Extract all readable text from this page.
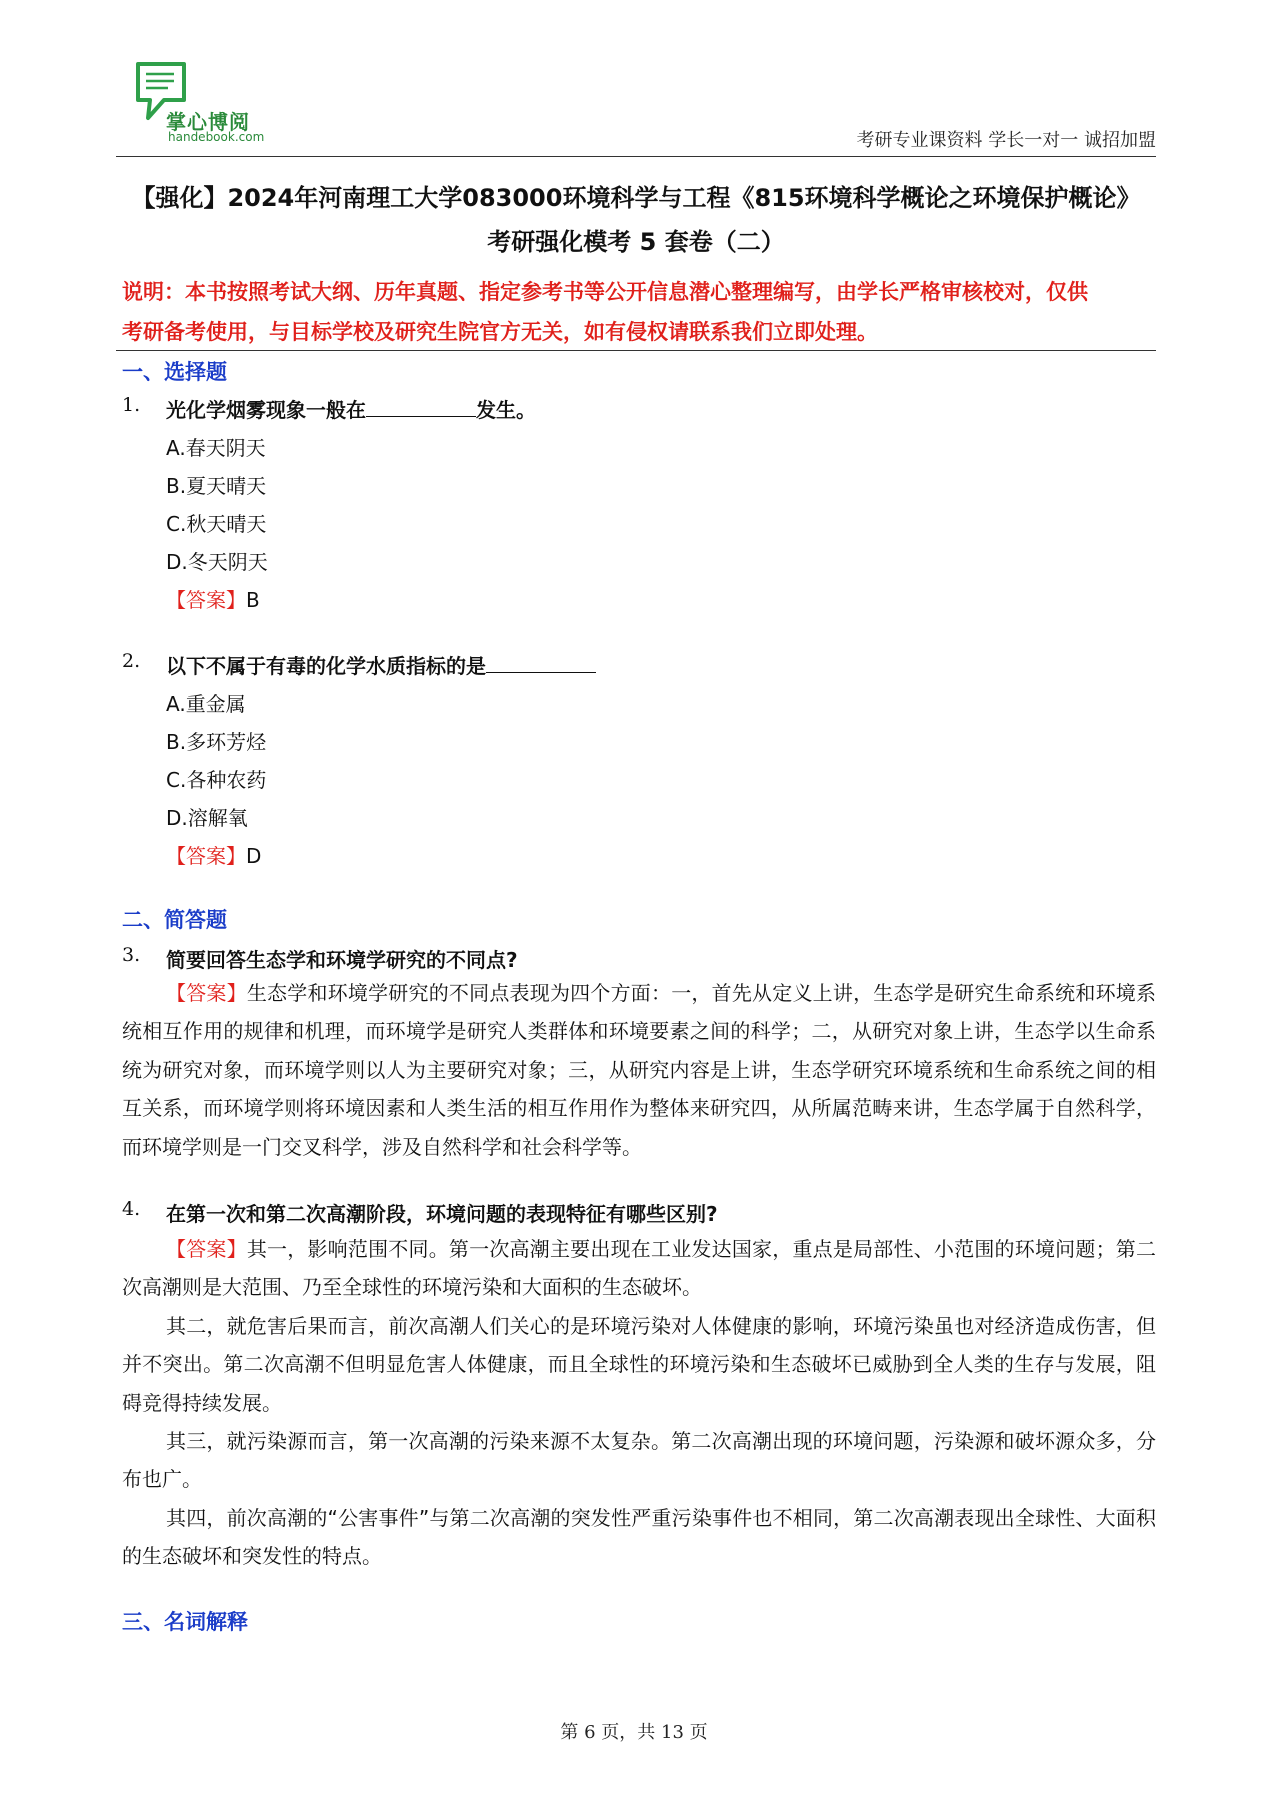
掌心博阅
handebook.com	考研专业课资料 学长一对一 诚招加盟
【强化】2024年河南理工大学083000环境科学与工程《815环境科学概论之环境保护概论》
考研强化模考 5 套卷（二）
说明：本书按照考试大纲、历年真题、指定参考书等公开信息潜心整理编写，由学长严格审核校对，仅供
考研备考使用，与目标学校及研究生院官方无关，如有侵权请联系我们立即处理。
一、选择题
1. 光化学烟雾现象一般在	发生。
A.春天阴天
B.夏天晴天
C.秋天晴天
D.冬天阴天
【答案】B
2. 以下不属于有毒的化学水质指标的是
A.重金属
B.多环芳烃
C.各种农药
D.溶解氧
【答案】D
二、简答题
3. 简要回答生态学和环境学研究的不同点?
【答案】生态学和环境学研究的不同点表现为四个方面：一，首先从定义上讲，生态学是研究生命系统和环境系统相互作用的规律和机理，而环境学是研究人类群体和环境要素之间的科学；二，从研究对象上讲，生态学以生命系统为研究对象，而环境学则以人为主要研究对象；三，从研究内容是上讲，生态学研究环境系统和生命系统之间的相互关系，而环境学则将环境因素和人类生活的相互作用作为整体来研究四，从所属范畴来讲，生态学属于自然科学，而环境学则是一门交叉科学，涉及自然科学和社会科学等。
4. 在第一次和第二次高潮阶段，环境问题的表现特征有哪些区别?
【答案】其一，影响范围不同。第一次高潮主要出现在工业发达国家，重点是局部性、小范围的环境问题；第二次高潮则是大范围、乃至全球性的环境污染和大面积的生态破坏。
其二，就危害后果而言，前次高潮人们关心的是环境污染对人体健康的影响，环境污染虽也对经济造成伤害，但并不突出。第二次高潮不但明显危害人体健康，而且全球性的环境污染和生态破坏已威胁到全人类的生存与发展，阻碍竞得持续发展。
其三，就污染源而言，第一次高潮的污染来源不太复杂。第二次高潮出现的环境问题，污染源和破坏源众多，分布也广。
其四，前次高潮的“公害事件”与第二次高潮的突发性严重污染事件也不相同，第二次高潮表现出全球性、大面积的生态破坏和突发性的特点。
三、名词解释
第 6 页，共 13 页
